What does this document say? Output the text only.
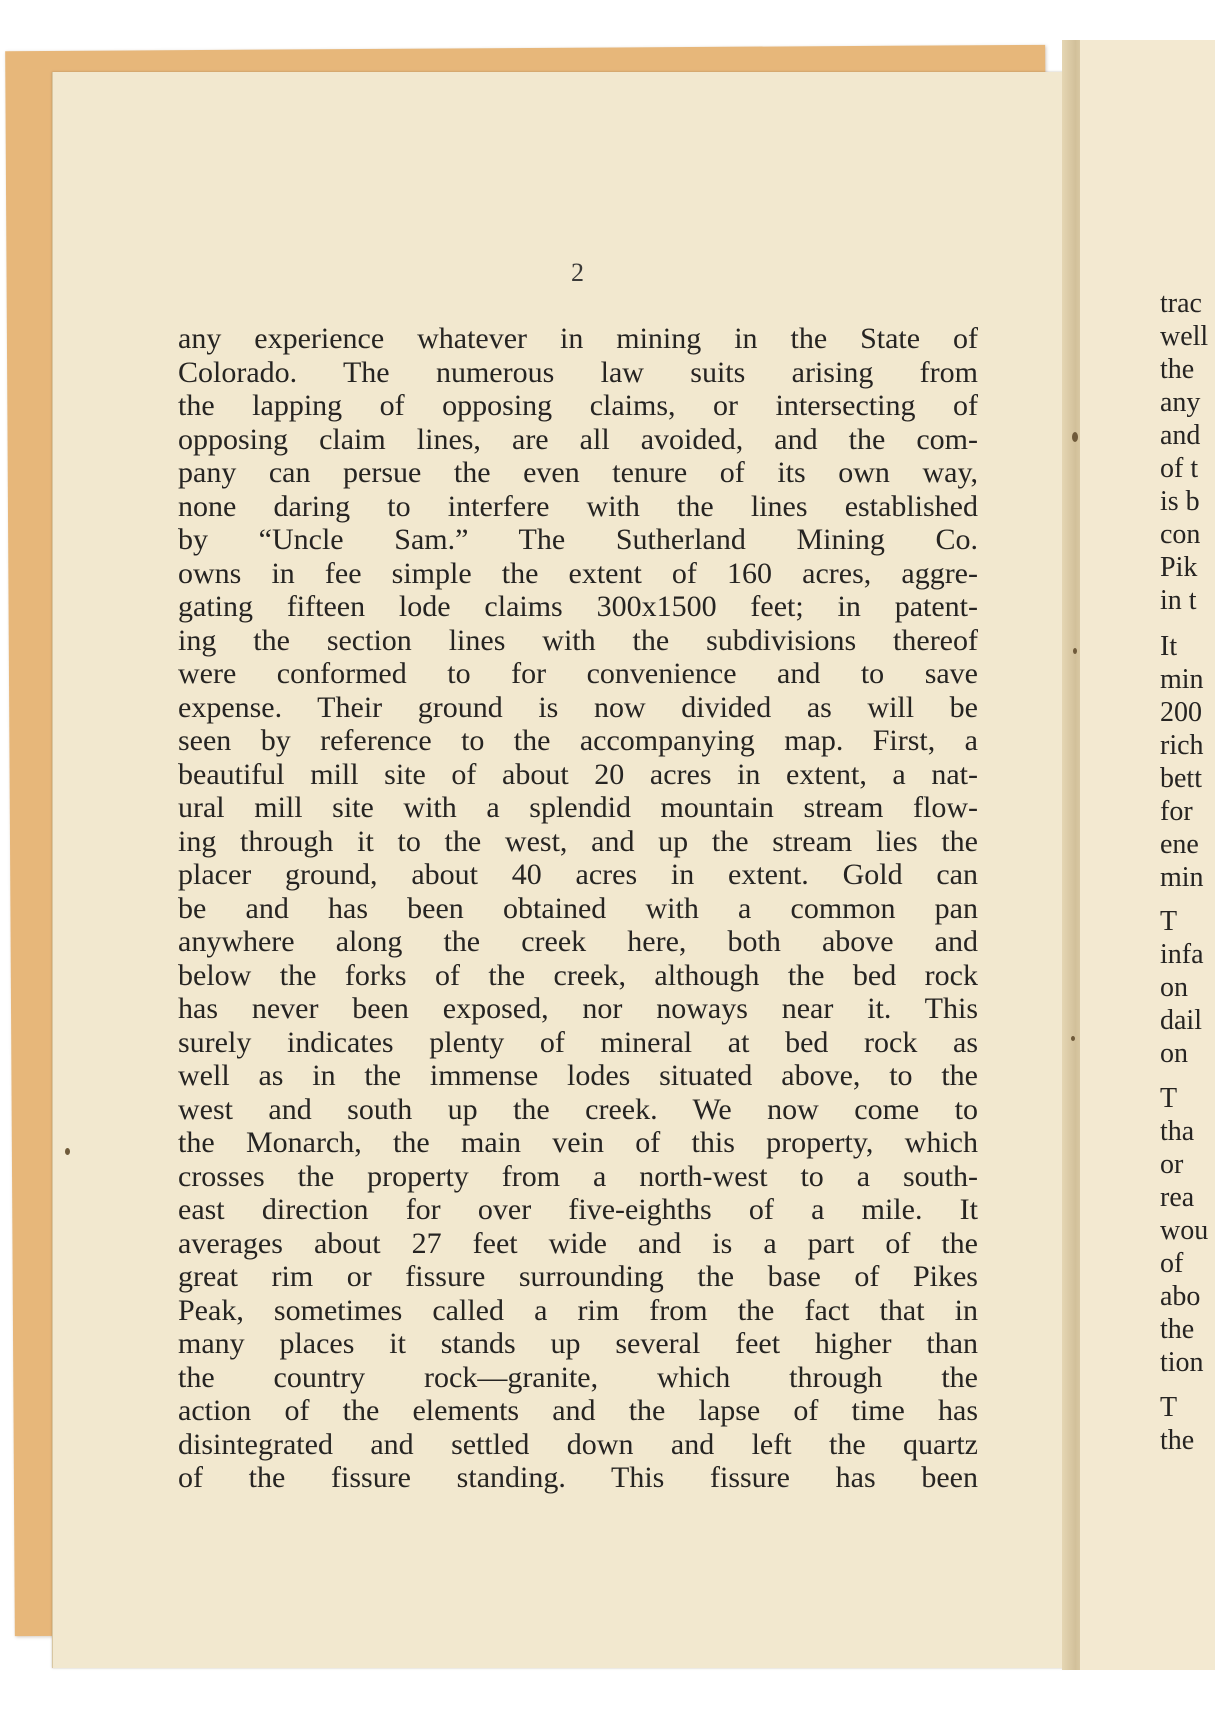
2
any experience whatever in mining in the State of
Colorado. The numerous law suits arising from
the lapping of opposing claims, or intersecting of
opposing claim lines, are all avoided, and the com-
pany can persue the even tenure of its own way,
none daring to interfere with the lines established
by “Uncle Sam.” The Sutherland Mining Co.
owns in fee simple the extent of 160 acres, aggre-
gating fifteen lode claims 300x1500 feet; in patent-
ing the section lines with the subdivisions thereof
were conformed to for convenience and to save
expense. Their ground is now divided as will be
seen by reference to the accompanying map. First, a
beautiful mill site of about 20 acres in extent, a nat-
ural mill site with a splendid mountain stream flow-
ing through it to the west, and up the stream lies the
placer ground, about 40 acres in extent. Gold can
be and has been obtained with a common pan
anywhere along the creek here, both above and
below the forks of the creek, although the bed rock
has never been exposed, nor noways near it. This
surely indicates plenty of mineral at bed rock as
well as in the immense lodes situated above, to the
west and south up the creek. We now come to
the Monarch, the main vein of this property, which
crosses the property from a north-west to a south-
east direction for over five-eighths of a mile. It
averages about 27 feet wide and is a part of the
great rim or fissure surrounding the base of Pikes
Peak, sometimes called a rim from the fact that in
many places it stands up several feet higher than
the country rock—granite, which through the
action of the elements and the lapse of time has
disintegrated and settled down and left the quartz
of the fissure standing. This fissure has been
trac
well
the
any
and
of t
is b
con
Pik
in t
It
min
200
rich
bett
for
ene
min
T
infa
on
dail
on
T
tha
or
rea
wou
of
abo
the
tion
T
the
